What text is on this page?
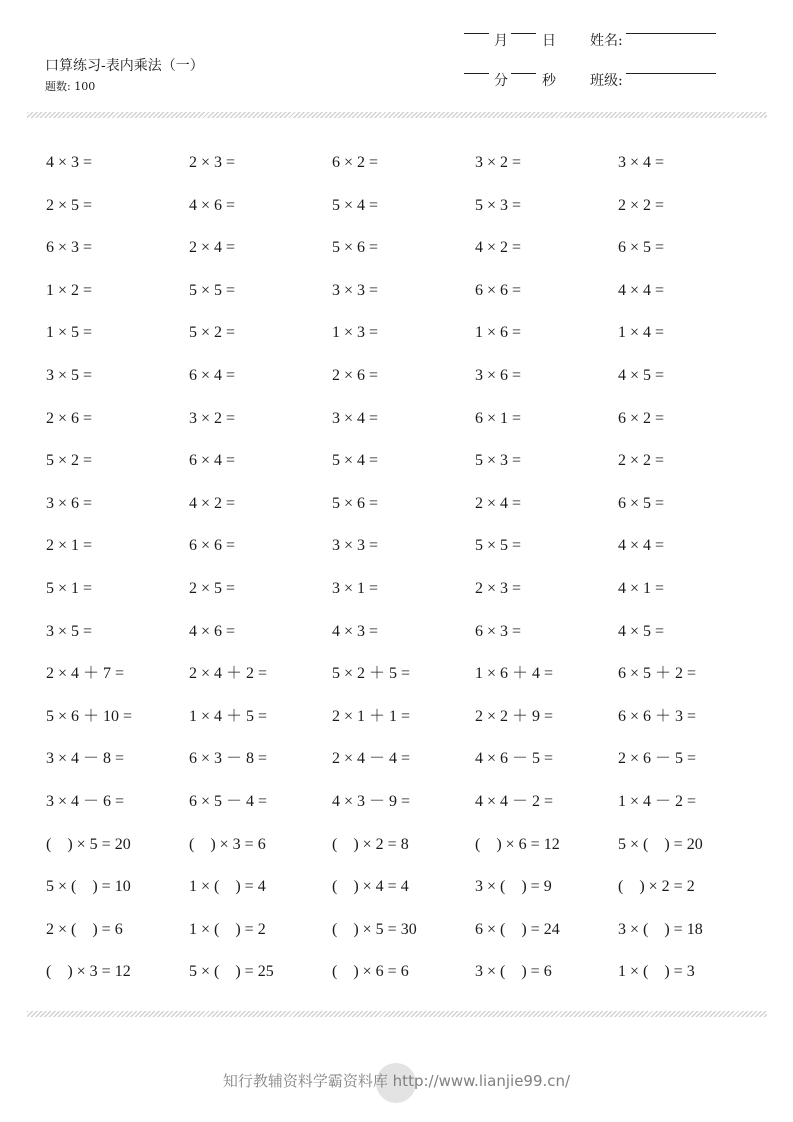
口算练习-表内乘法（一）
题数: 100
月 日 姓名:
分 秒 班级:
4 × 3 =	2 × 3 =	6 × 2 =	3 × 2 =	3 × 4 =
2 × 5 =	4 × 6 =	5 × 4 =	5 × 3 =	2 × 2 =
6 × 3 =	2 × 4 =	5 × 6 =	4 × 2 =	6 × 5 =
1 × 2 =	5 × 5 =	3 × 3 =	6 × 6 =	4 × 4 =
1 × 5 =	5 × 2 =	1 × 3 =	1 × 6 =	1 × 4 =
3 × 5 =	6 × 4 =	2 × 6 =	3 × 6 =	4 × 5 =
2 × 6 =	3 × 2 =	3 × 4 =	6 × 1 =	6 × 2 =
5 × 2 =	6 × 4 =	5 × 4 =	5 × 3 =	2 × 2 =
3 × 6 =	4 × 2 =	5 × 6 =	2 × 4 =	6 × 5 =
2 × 1 =	6 × 6 =	3 × 3 =	5 × 5 =	4 × 4 =
5 × 1 =	2 × 5 =	3 × 1 =	2 × 3 =	4 × 1 =
3 × 5 =	4 × 6 =	4 × 3 =	6 × 3 =	4 × 5 =
2 × 4 ＋ 7 =	2 × 4 ＋ 2 =	5 × 2 ＋ 5 =	1 × 6 ＋ 4 =	6 × 5 ＋ 2 =
5 × 6 ＋ 10 =	1 × 4 ＋ 5 =	2 × 1 ＋ 1 =	2 × 2 ＋ 9 =	6 × 6 ＋ 3 =
3 × 4 － 8 =	6 × 3 － 8 =	2 × 4 － 4 =	4 × 6 － 5 =	2 × 6 － 5 =
3 × 4 － 6 =	6 × 5 － 4 =	4 × 3 － 9 =	4 × 4 － 2 =	1 × 4 － 2 =
(    ) × 5 = 20	(    ) × 3 = 6	(    ) × 2 = 8	(    ) × 6 = 12	5 × (    ) = 20
5 × (    ) = 10	1 × (    ) = 4	(    ) × 4 = 4	3 × (    ) = 9	(    ) × 2 = 2
2 × (    ) = 6	1 × (    ) = 2	(    ) × 5 = 30	6 × (    ) = 24	3 × (    ) = 18
(    ) × 3 = 12	5 × (    ) = 25	(    ) × 6 = 6	3 × (    ) = 6	1 × (    ) = 3
知行教辅资料学霸资料库 http://www.lianjie99.cn/
